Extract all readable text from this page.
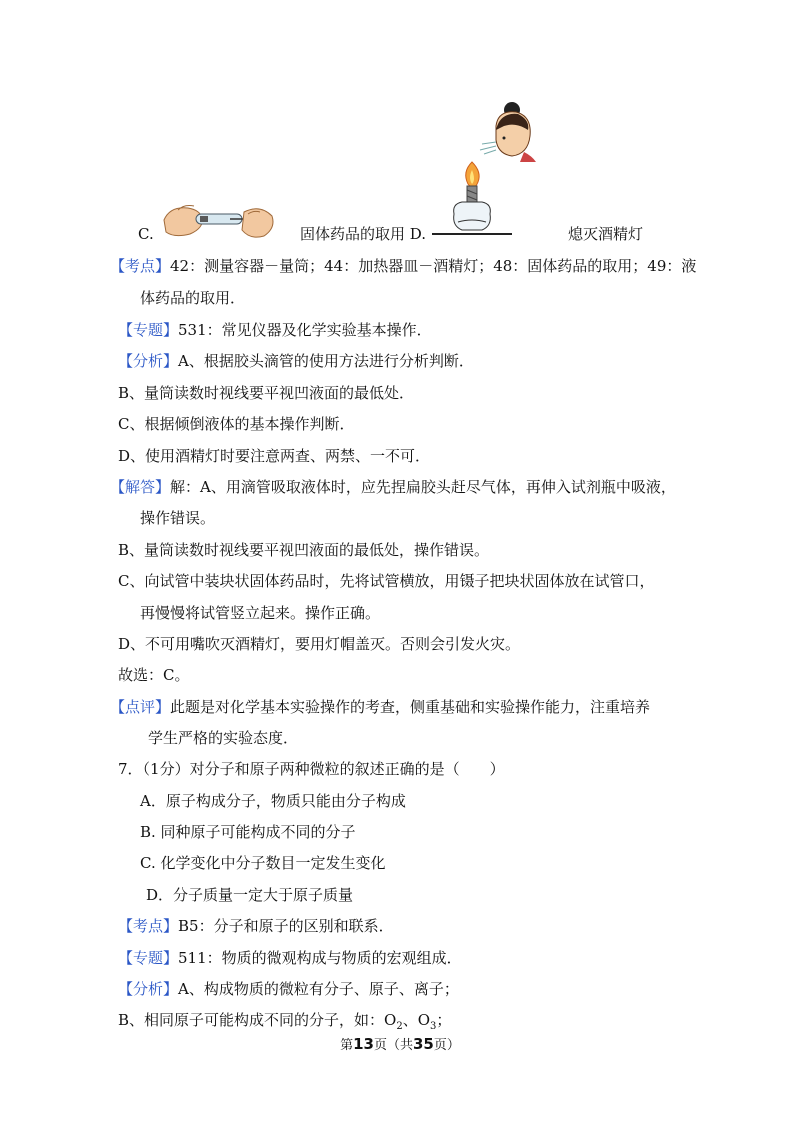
C.	固体药品的取用 D.	熄灭酒精灯
【考点】42：测量容器－量筒；44：加热器皿－酒精灯；48：固体药品的取用；49：液
体药品的取用．
【专题】531：常见仪器及化学实验基本操作．
【分析】A、根据胶头滴管的使用方法进行分析判断．
B、量筒读数时视线要平视凹液面的最低处．
C、根据倾倒液体的基本操作判断．
D、使用酒精灯时要注意两查、两禁、一不可．
【解答】解：A、用滴管吸取液体时，应先捏扁胶头赶尽气体，再伸入试剂瓶中吸液，
操作错误。
B、量筒读数时视线要平视凹液面的最低处，操作错误。
C、向试管中装块状固体药品时，先将试管横放，用镊子把块状固体放在试管口，
再慢慢将试管竖立起来。操作正确。
D、不可用嘴吹灭酒精灯，要用灯帽盖灭。否则会引发火灾。
故选：C。
【点评】此题是对化学基本实验操作的考查，侧重基础和实验操作能力，注重培养
学生严格的实验态度．
7．（1分）对分子和原子两种微粒的叙述正确的是（　　）
A．原子构成分子，物质只能由分子构成
B. 同种原子可能构成不同的分子
C. 化学变化中分子数目一定发生变化
D．分子质量一定大于原子质量
【考点】B5：分子和原子的区别和联系．
【专题】511：物质的微观构成与物质的宏观组成．
【分析】A、构成物质的微粒有分子、原子、离子；
B、相同原子可能构成不同的分子，如：$O_2$、$O_3$；
第13页（共35页）
